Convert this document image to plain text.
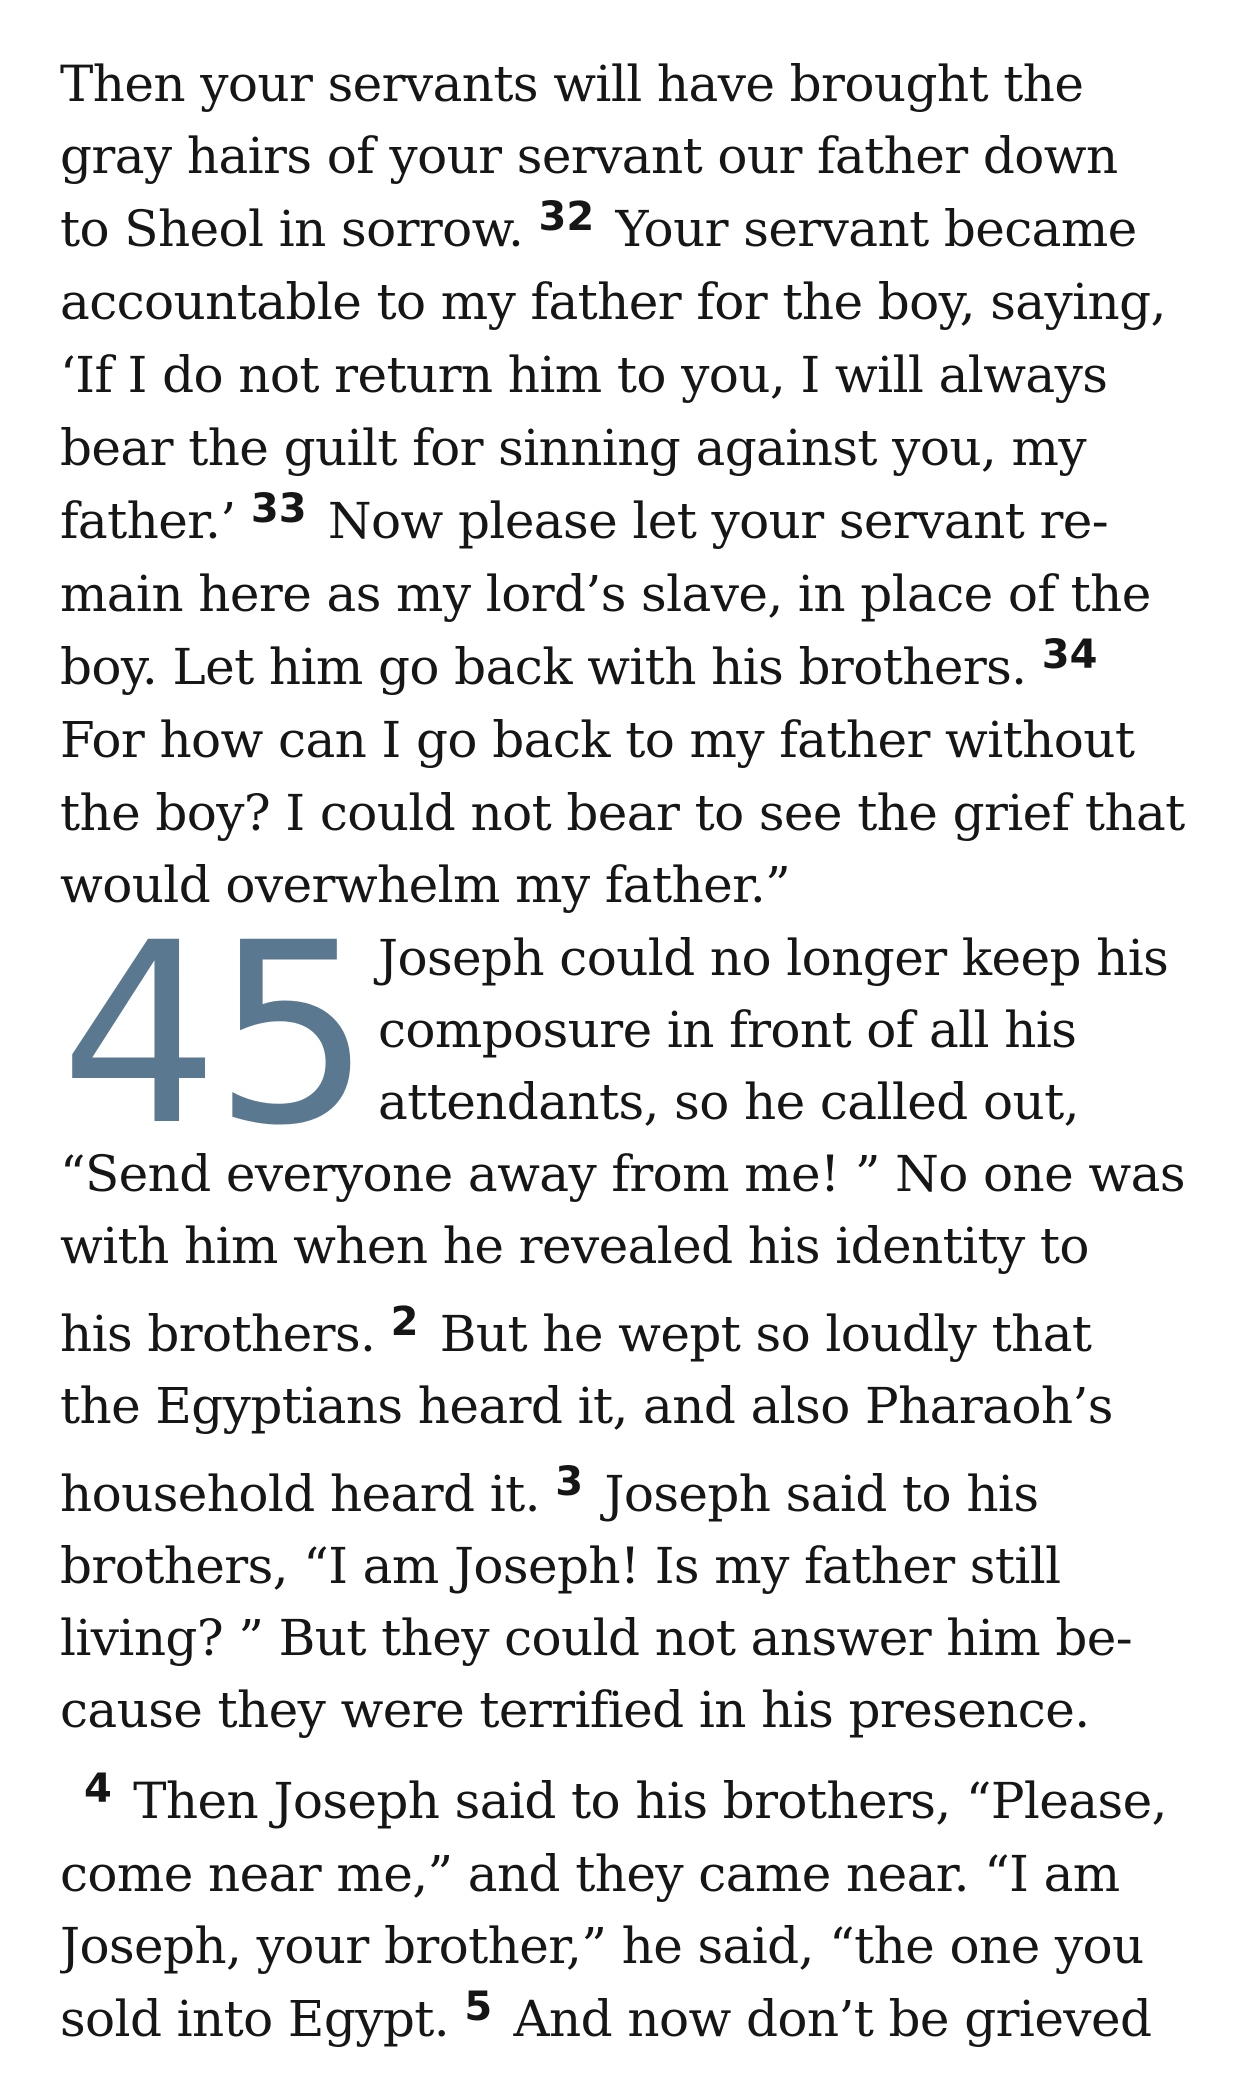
Then your servants will have brought the
gray hairs of your servant our father down
to Sheol in sorrow. $^{32}$ Your servant became
accountable to my father for the boy, saying,
‘If I do not return him to you, I will always
bear the guilt for sinning against you, my
father.’ $^{33}$ Now please let your servant re-
main here as my lord’s slave, in place of the
boy. Let him go back with his brothers. $^{34}$
For how can I go back to my father without
the boy? I could not bear to see the grief that
would overwhelm my father.”
45 Joseph could no longer keep his
composure in front of all his
attendants, so he called out,
“Send everyone away from me! ” No one was
with him when he revealed his identity to
his brothers. $^2$ But he wept so loudly that
the Egyptians heard it, and also Pharaoh’s
household heard it. $^3$ Joseph said to his
brothers, “I am Joseph! Is my father still
living? ” But they could not answer him be-
cause they were terrified in his presence.
$^4$ Then Joseph said to his brothers, “Please,
come near me,” and they came near. “I am
Joseph, your brother,” he said, “the one you
sold into Egypt. $^5$ And now don’t be grieved
